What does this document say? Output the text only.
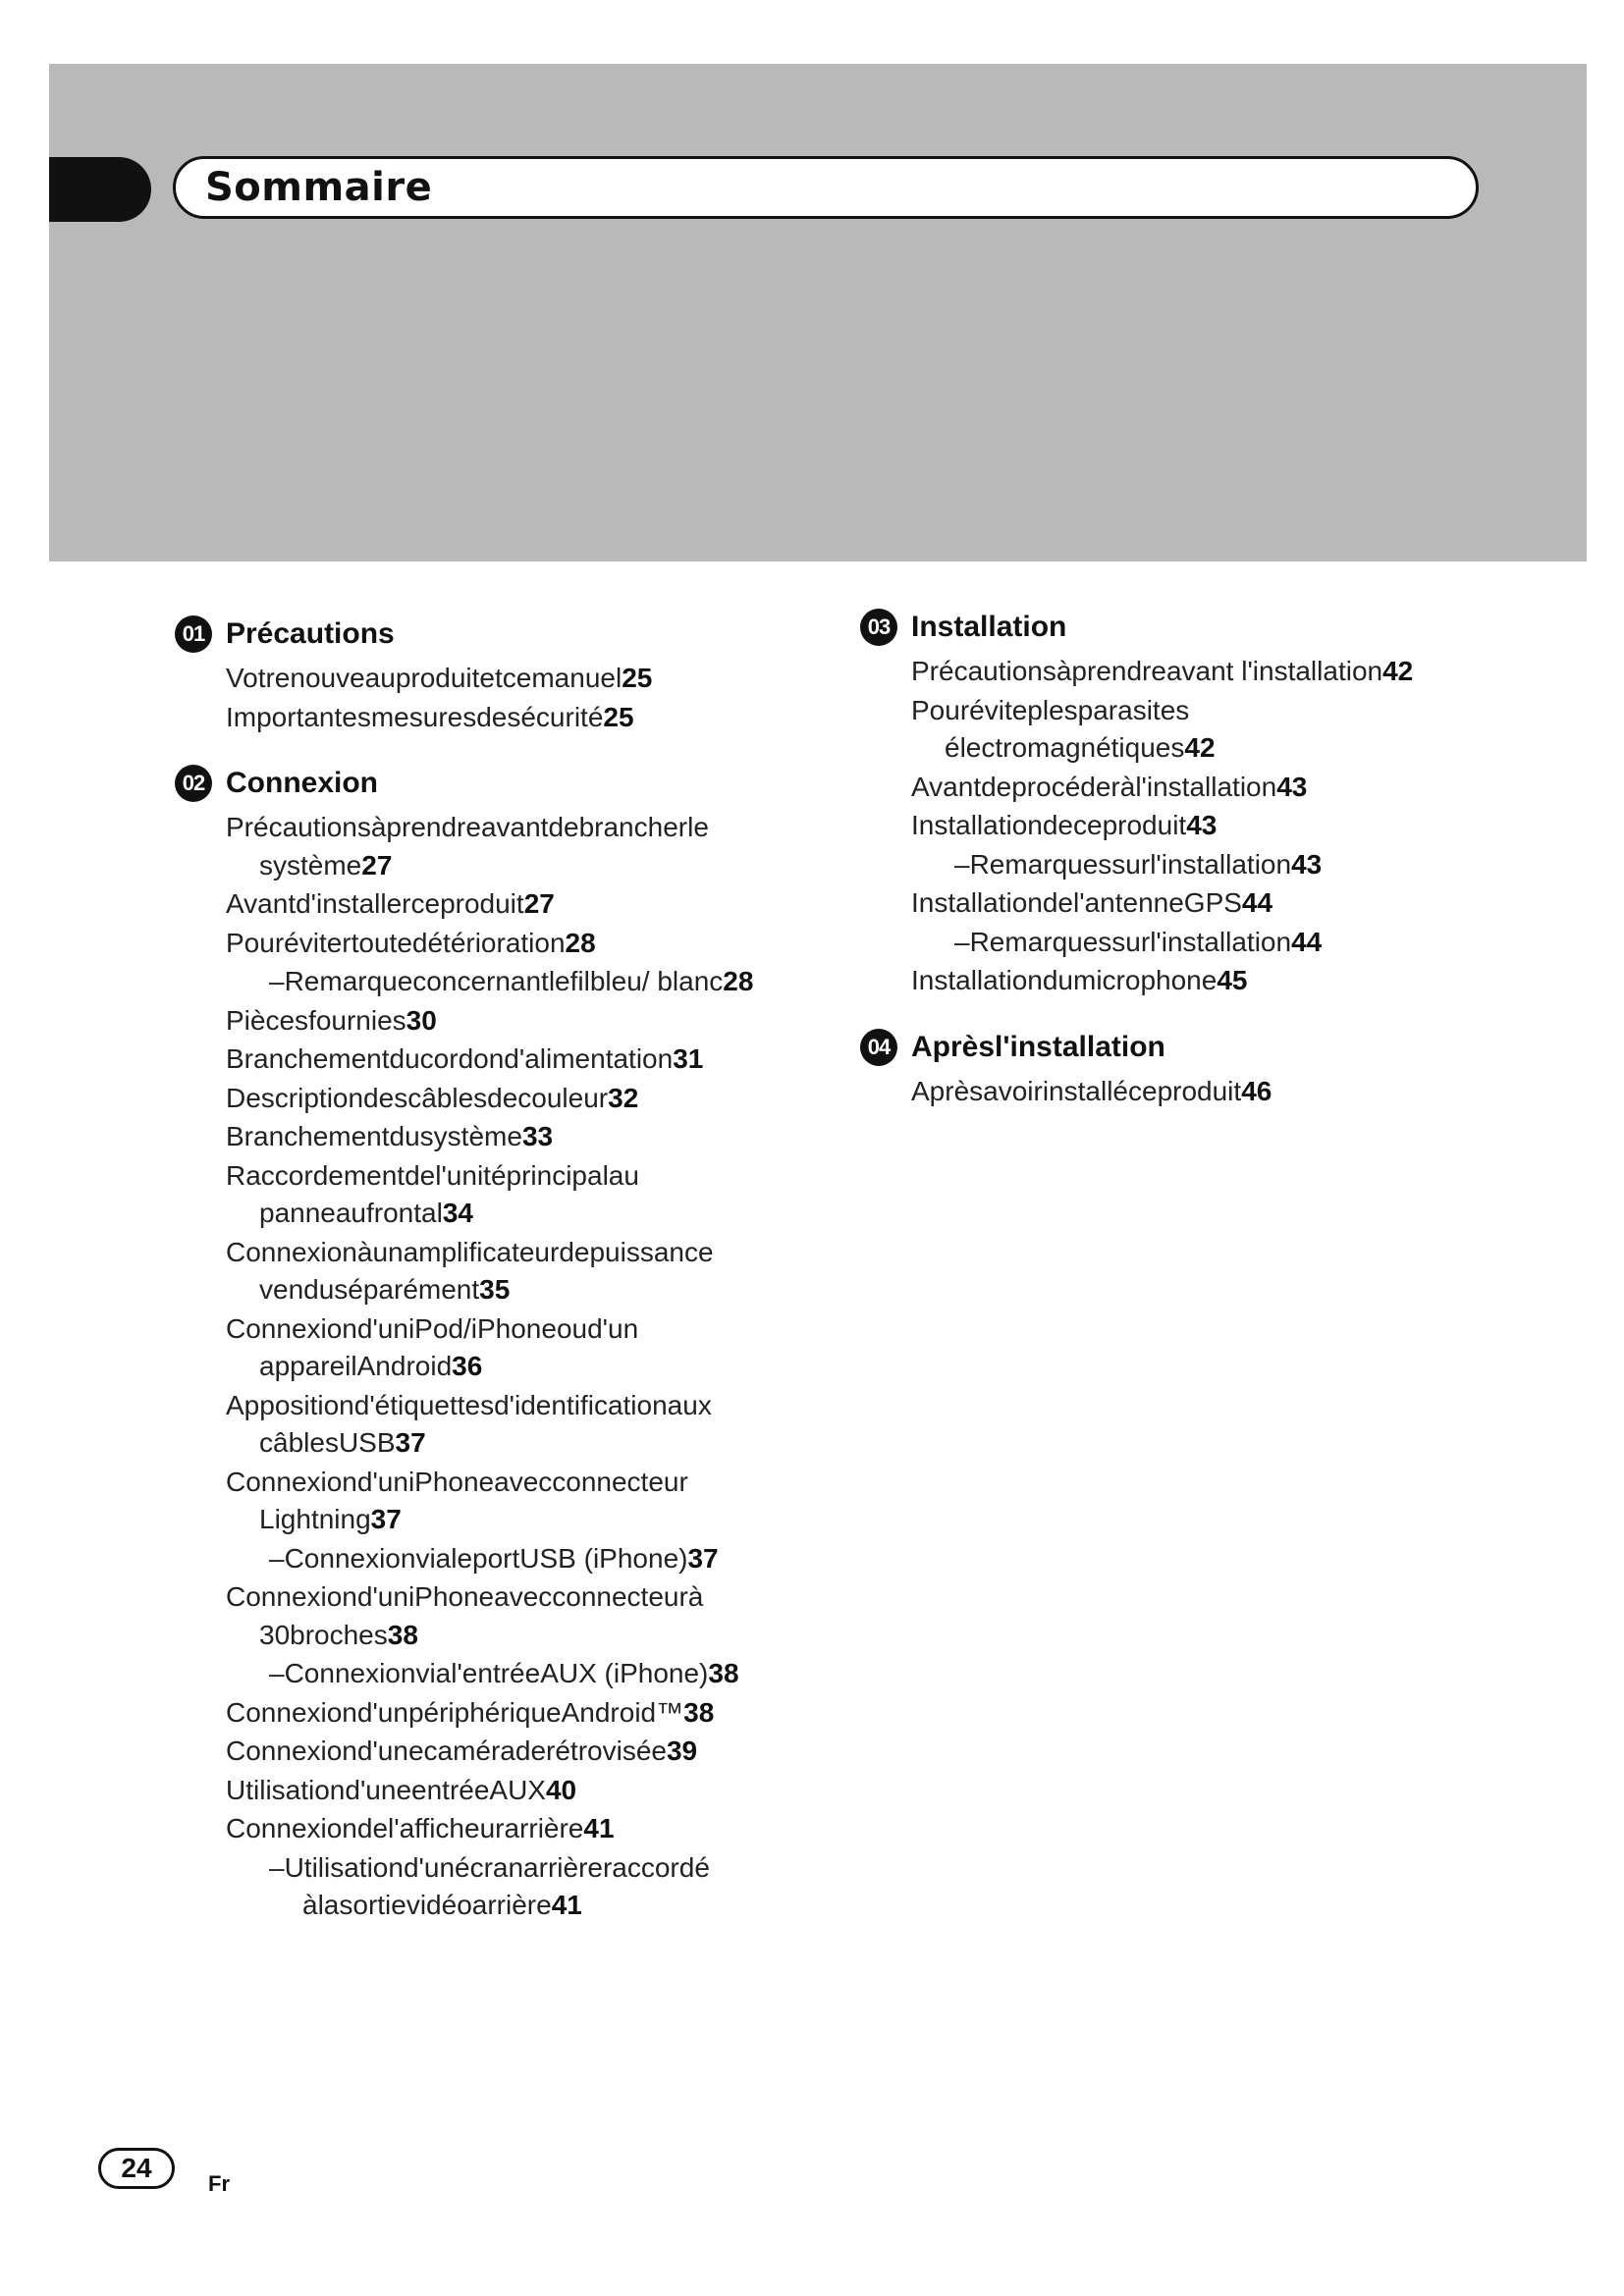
Sommaire
01 Précautions
Votrenouveauproduitetcemanuel25
Importantesmesuresdesécurité25
02 Connexion
Précautionsàprendreavantdebrancherle système27
Avantd'installerceproduit27
Pourévitertoutedétérioration28
–Remarqueconcernantlefilbleu/ blanc28
Piècesfournies30
Branchementducordond'alimentation31
Descriptiondescâblesdecouleur32
Branchementdusystème33
Raccordementdel'unitéprincipalau panneaufrontal34
Connexionàunamplificateurdepuissance venduséparément35
Connexiond'uniPod/iPhoneoud'un appareilAndroid36
Appositiond'étiquettesd'identificationaux câblesUSB37
Connexiond'uniPhoneavecconnecteur Lightning37
–ConnexionvialeportUSB (iPhone)37
Connexiond'uniPhoneavecconnecteurà 30broches38
–Connexionvial'entréeAUX (iPhone)38
Connexiond'unpériphériqueAndroid™38
Connexiond'unecaméraderétrovisée39
Utilisationd'uneentréeAUX40
Connexiondel'afficheurarrière41
–Utilisationd'unécranarrièreraccordé àlasortievidéoarrière41
03 Installation
Précautionsàprendreavant l'installation42
Pourévitерlesparasites électromagnétiques42
Avantdeprocéderàl'installation43
Installationdeceproduit43
–Remarquessurl'installation43
Installationdel'antenneGPS44
–Remarquessurl'installation44
Installationdumicrophone45
04 Aprèsl'installation
Aprèsavoirinstalléceproduit46
24
Fr
